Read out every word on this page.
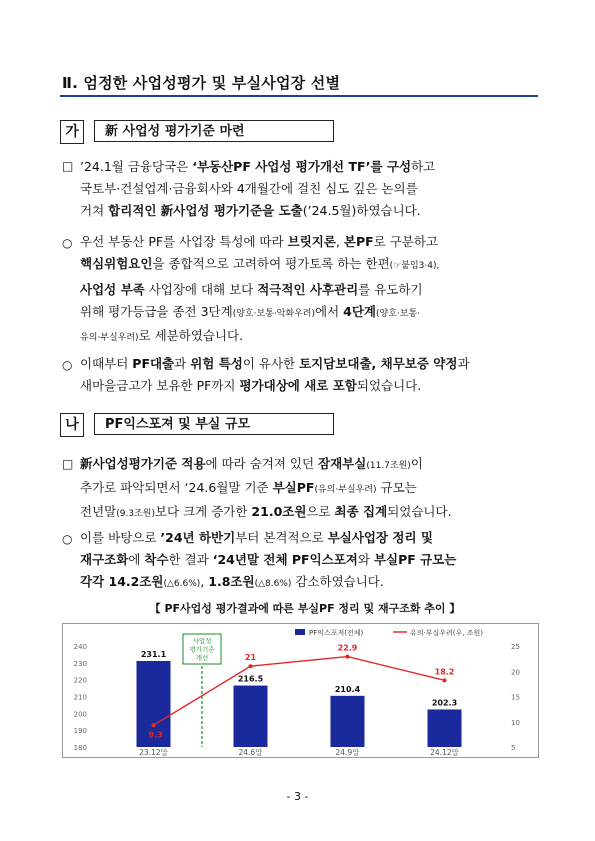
Ⅱ. 엄정한 사업성평가 및 부실사업장 선별
가	新 사업성 평가기준 마련
□ ’24.1월 금융당국은 ‘부동산PF 사업성 평가개선 TF’를 구성하고
국토부·건설업계·금융회사와 4개월간에 걸친 심도 깊은 논의를
거쳐 합리적인 新사업성 평가기준을 도출(’24.5월)하였습니다.
○ 우선 부동산 PF를 사업장 특성에 따라 브릿지론, 본PF로 구분하고
핵심위험요인을 종합적으로 고려하여 평가토록 하는 한편(☞붙임3·4),
사업성 부족 사업장에 대해 보다 적극적인 사후관리를 유도하기
위해 평가등급을 종전 3단계(양호·보통·악화우려)에서 4단계(양호·보통·
유의·부실우려)로 세분하였습니다.
○ 이때부터 PF대출과 위험 특성이 유사한 토지담보대출, 채무보증 약정과
새마을금고가 보유한 PF까지 평가대상에 새로 포함되었습니다.
나	PF익스포져 및 부실 규모
□ 新사업성평가기준 적용에 따라 숨겨져 있던 잠재부실(11.7조원)이
추가로 파악되면서 ‘24.6월말 기준 부실PF(유의·부실우려) 규모는
전년말(9.3조원)보다 크게 증가한 21.0조원으로 최종 집계되었습니다.
○ 이를 바탕으로 ’24년 하반기부터 본격적으로 부실사업장 정리 및
재구조화에 착수한 결과 ‘24년말 전체 PF익스포져와 부실PF 규모는
각각 14.2조원(△6.6%), 1.8조원(△8.6%) 감소하였습니다.
【 PF사업성 평가결과에 따른 부실PF 정리 및 재구조화 추이 】
180
190
200
210
220
230
240
5
10
15
20
25
231.1
216.5
210.4
202.3
23.12말	24.6말	24.9말	24.12말
9.3
21
22.9
18.2
사업성
평가기준
개선
PF익스포져(전체)	유의·부실우려(우, 조원)
- 3 -
